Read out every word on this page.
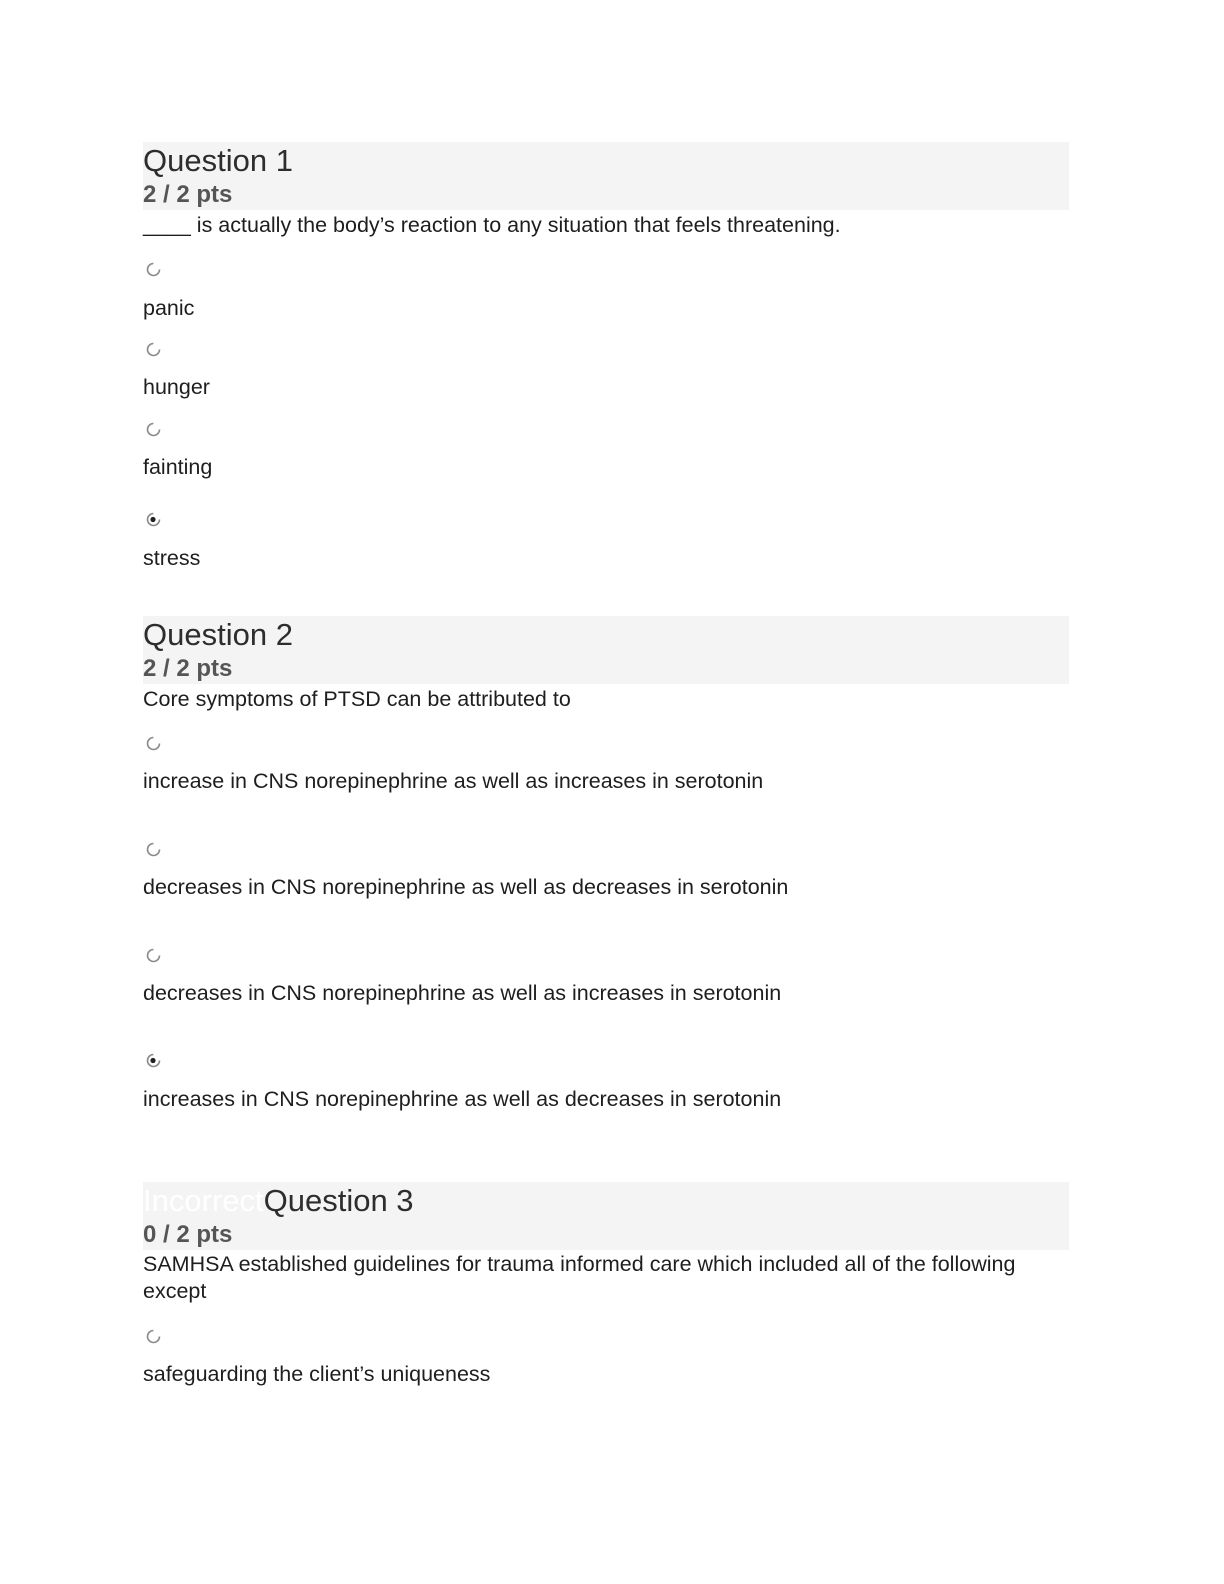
Question 1
2 / 2 pts
____ is actually the body’s reaction to any situation that feels threatening.
panic
hunger
fainting
stress
Question 2
2 / 2 pts
Core symptoms of PTSD can be attributed to
increase in CNS norepinephrine as well as increases in serotonin
decreases in CNS norepinephrine as well as decreases in serotonin
decreases in CNS norepinephrine as well as increases in serotonin
increases in CNS norepinephrine as well as decreases in serotonin
IncorrectQuestion 3
0 / 2 pts
SAMHSA established guidelines for trauma informed care which included all of the following except
safeguarding the client’s uniqueness
